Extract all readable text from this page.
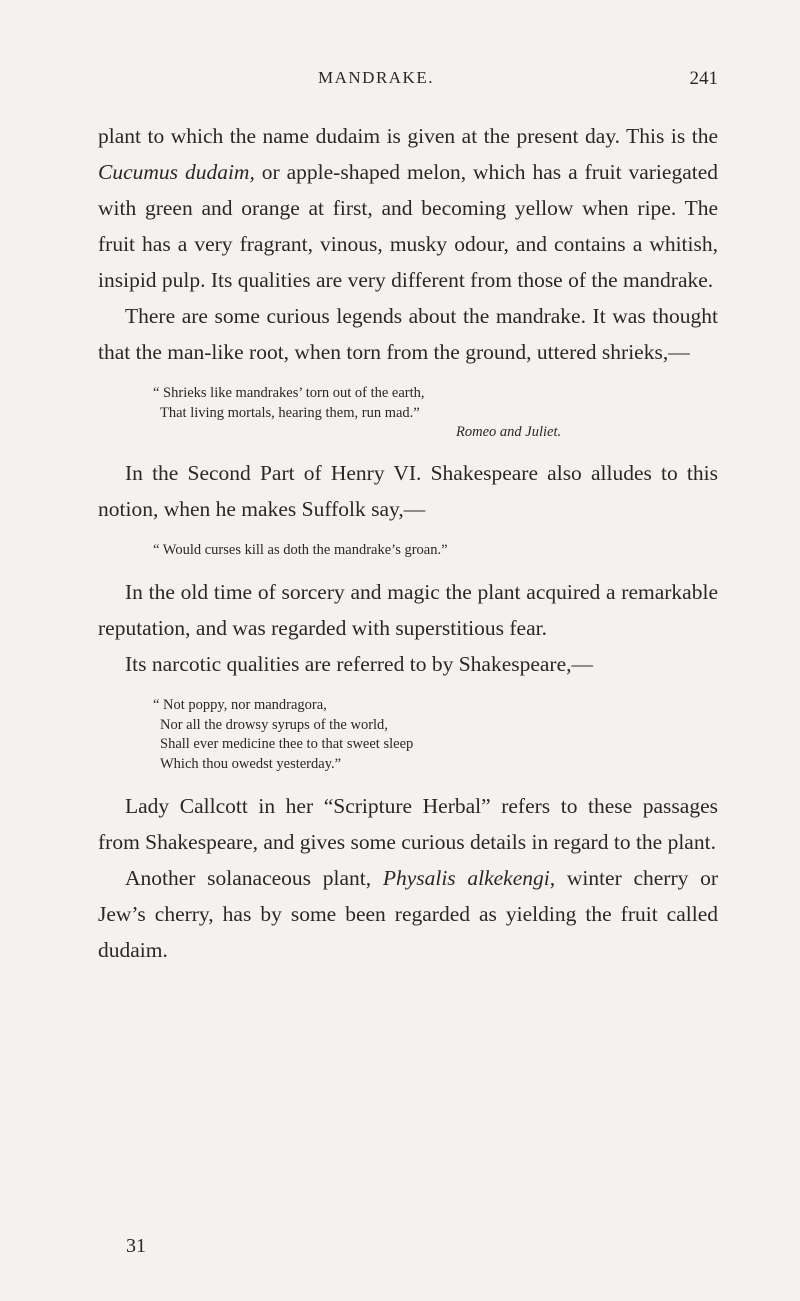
MANDRAKE.	241

plant to which the name dudaim is given at the present day. This is the Cucumus dudaim, or apple-shaped melon, which has a fruit variegated with green and orange at first, and becoming yellow when ripe. The fruit has a very fragrant, vinous, musky odour, and contains a whitish, insipid pulp. Its qualities are very different from those of the mandrake.

There are some curious legends about the mandrake. It was thought that the man-like root, when torn from the ground, uttered shrieks,—

“ Shrieks like mandrakes’ torn out of the earth,
That living mortals, hearing them, run mad.”
Romeo and Juliet.

In the Second Part of Henry VI. Shakespeare also alludes to this notion, when he makes Suffolk say,—

“ Would curses kill as doth the mandrake’s groan.”

In the old time of sorcery and magic the plant acquired a remarkable reputation, and was regarded with superstitious fear.

Its narcotic qualities are referred to by Shakespeare,—

“ Not poppy, nor mandragora,
Nor all the drowsy syrups of the world,
Shall ever medicine thee to that sweet sleep
Which thou owedst yesterday.”

Lady Callcott in her “Scripture Herbal” refers to these passages from Shakespeare, and gives some curious details in regard to the plant.

Another solanaceous plant, Physalis alkekengi, winter cherry or Jew’s cherry, has by some been regarded as yielding the fruit called dudaim.

31
